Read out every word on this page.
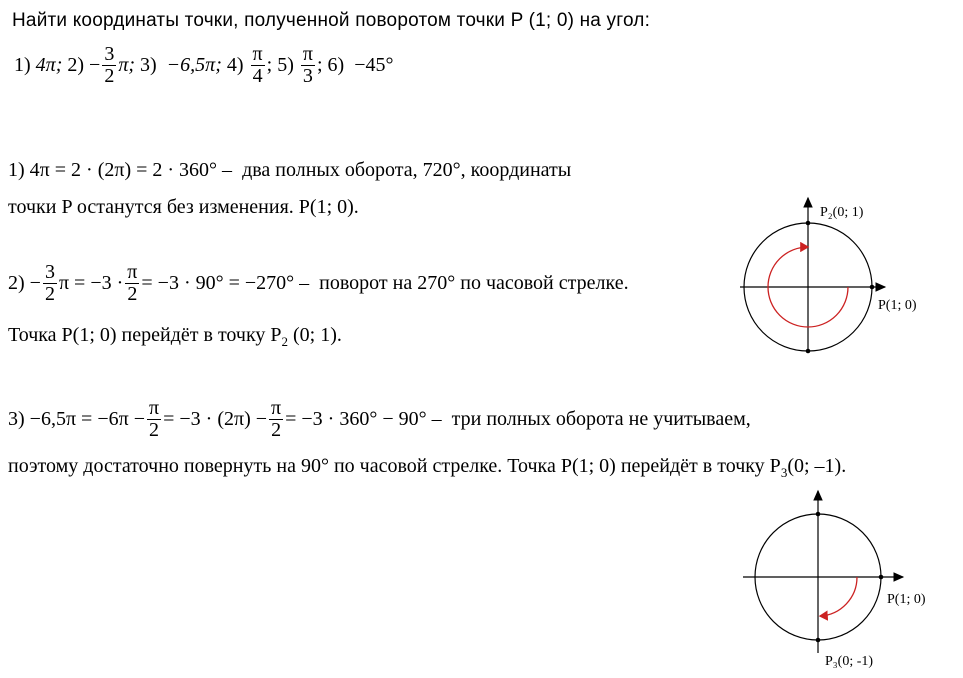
Найти координаты точки, полученной поворотом точки P (1; 0) на угол:
1)
4π;
2)
− $\frac{3}{2} \pi$;
3)
−6,5π;
4)
$\frac{\pi}{4}$ ;
5)
$\frac{\pi}{3}$ ;
6)
−45°
1) 4π = 2 · (2π) = 2 · 360° – два полных оборота, 720°, координаты
точки P останутся без изменения. P(1; 0).
$2) - \frac{3}{2}$ $\pi = -3 \cdot \frac{\pi}{2} = -3 \cdot 90^\circ = -270^\circ$ –
поворот на 270° по часовой стрелке.
Точка P(1; 0) перейдёт в точку $P_2$ (0; 1).
$3) -6,5\pi = -6\pi - \frac{\pi}{2} = -3 \cdot (2\pi) - \frac{\pi}{2} = -3 \cdot 360^\circ - 90^\circ$ –
три полных оборота не учитываем,
поэтому достаточно повернуть на 90° по часовой стрелке. Точка P(1; 0) перейдёт в точку $P_3(0$; –1).
P₂(0; 1)
P(1; 0)
P(1; 0)
P₃(0; -1)
